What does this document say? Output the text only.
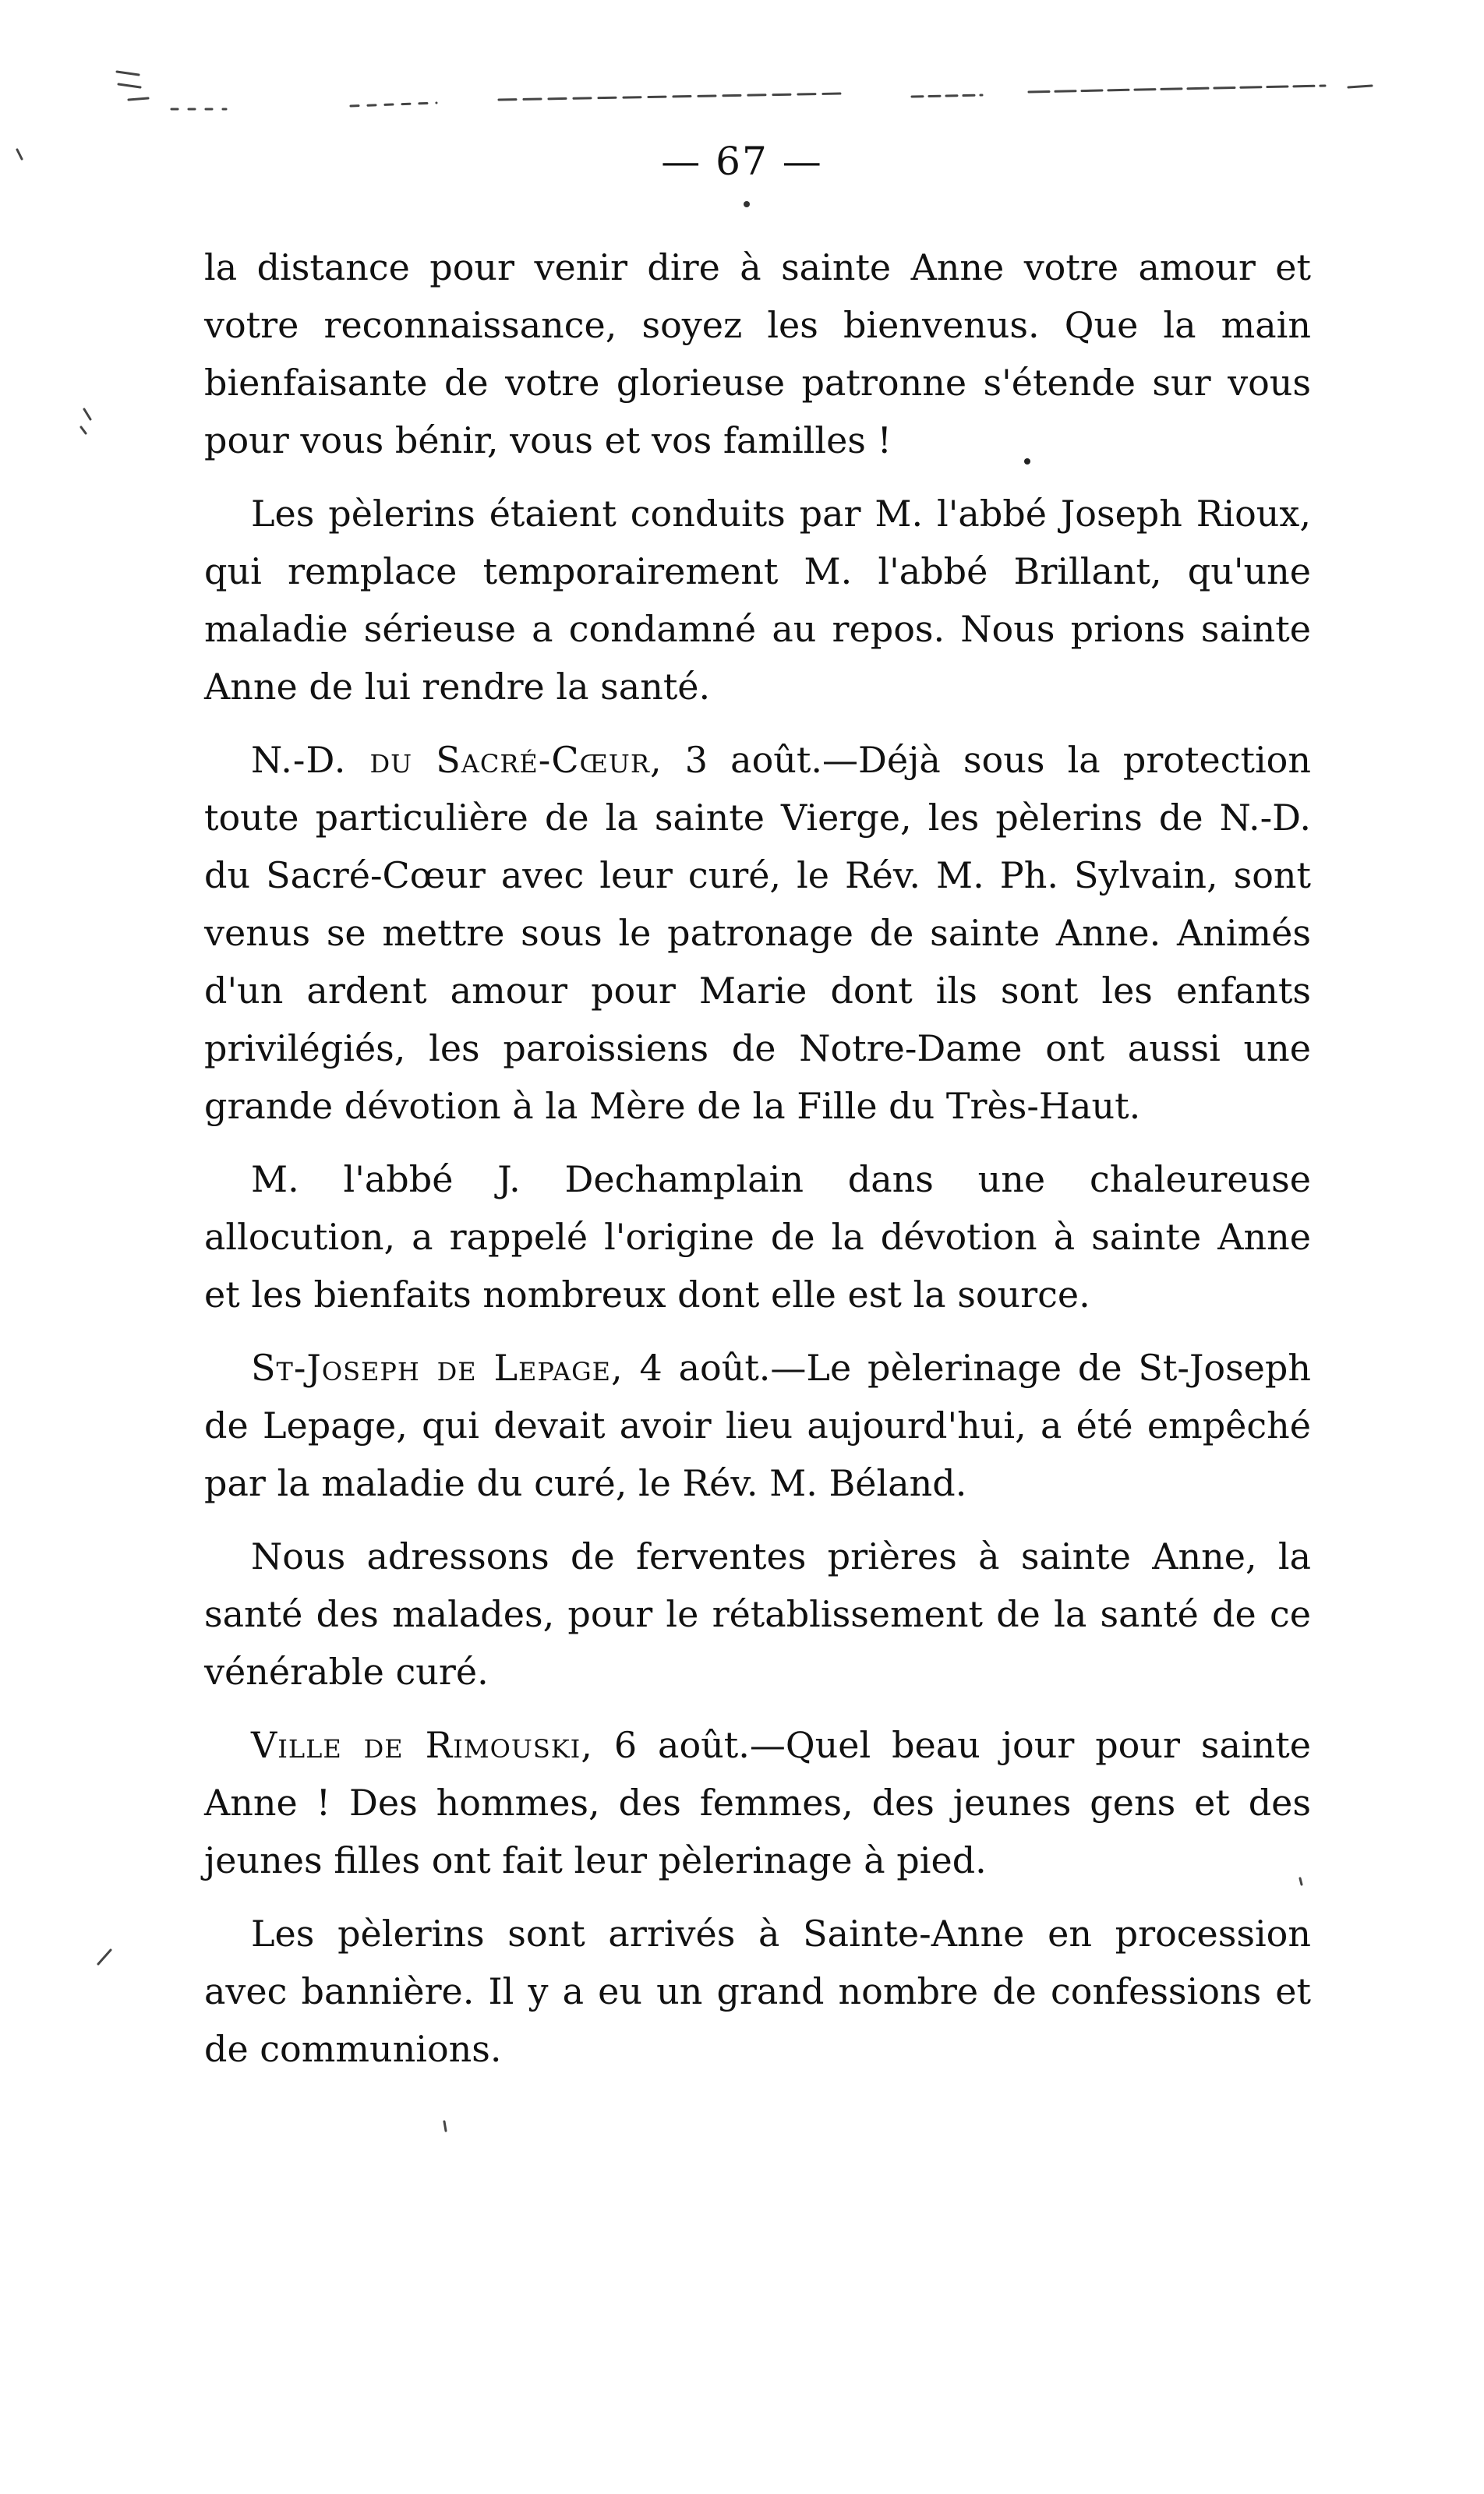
— 67 —

la distance pour venir dire à sainte Anne votre amour et votre reconnaissance, soyez les bienvenus. Que la main bienfaisante de votre glorieuse patronne s'étende sur vous pour vous bénir, vous et vos familles !

Les pèlerins étaient conduits par M. l'abbé Joseph Rioux, qui remplace temporairement M. l'abbé Brillant, qu'une maladie sérieuse a condamné au repos. Nous prions sainte Anne de lui rendre la santé.

N.-D. du Sacré-Cœur, 3 août.—Déjà sous la protection toute particulière de la sainte Vierge, les pèlerins de N.-D. du Sacré-Cœur avec leur curé, le Rév. M. Ph. Sylvain, sont venus se mettre sous le patronage de sainte Anne. Animés d'un ardent amour pour Marie dont ils sont les enfants privilégiés, les paroissiens de Notre-Dame ont aussi une grande dévotion à la Mère de la Fille du Très-Haut.

M. l'abbé J. Dechamplain dans une chaleureuse allocution, a rappelé l'origine de la dévotion à sainte Anne et les bienfaits nombreux dont elle est la source.

St-Joseph de Lepage, 4 août.—Le pèlerinage de St-Joseph de Lepage, qui devait avoir lieu aujourd'hui, a été empêché par la maladie du curé, le Rév. M. Béland.

Nous adressons de ferventes prières à sainte Anne, la santé des malades, pour le rétablissement de la santé de ce vénérable curé.

Ville de Rimouski, 6 août.—Quel beau jour pour sainte Anne ! Des hommes, des femmes, des jeunes gens et des jeunes filles ont fait leur pèlerinage à pied.

Les pèlerins sont arrivés à Sainte-Anne en procession avec bannière. Il y a eu un grand nombre de confessions et de communions.
